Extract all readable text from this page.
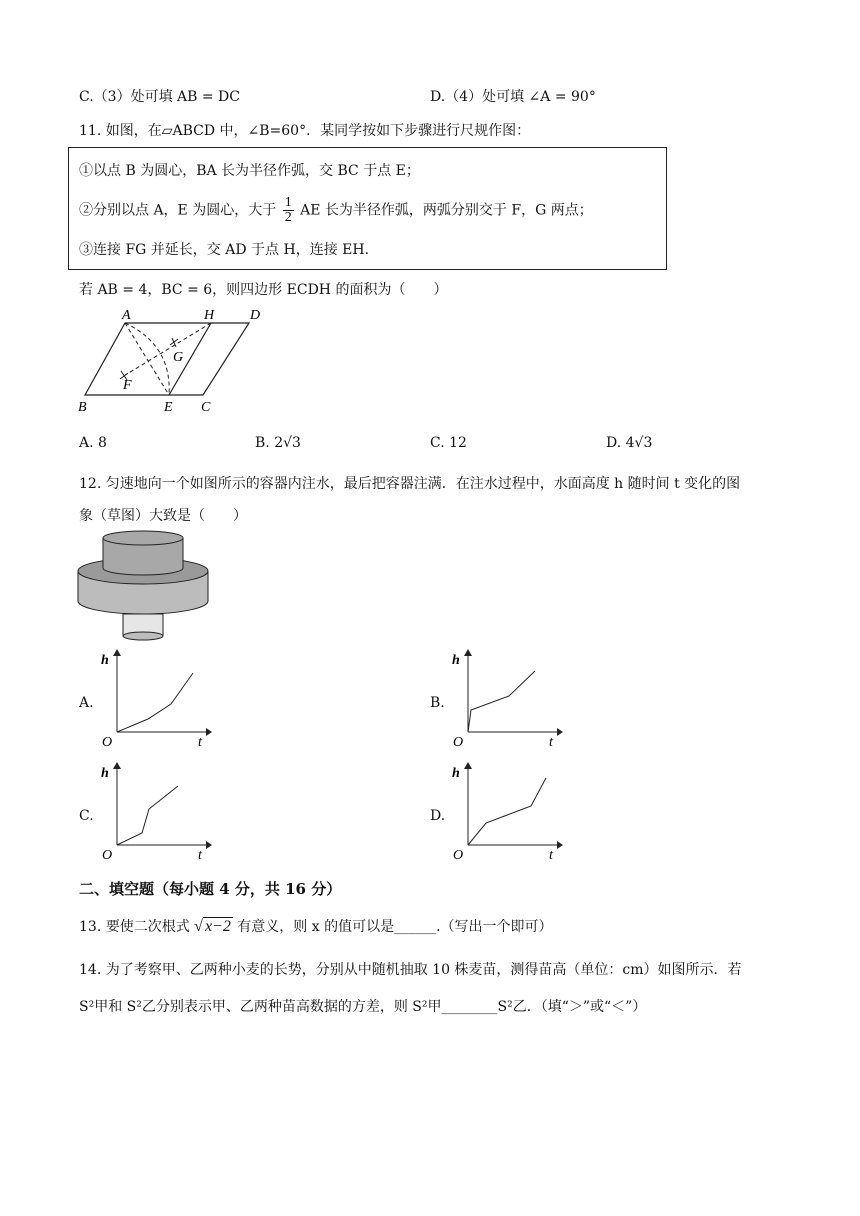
C.（3）处可填 AB = DC	D.（4）处可填 ∠A = 90°
11. 如图，在▱ABCD 中，∠B=60°．某同学按如下步骤进行尺规作图：
①以点 B 为圆心，BA 长为半径作弧，交 BC 于点 E；
②分别以点 A，E 为圆心，大于 $\frac{1}{2}$ AE 长为半径作弧，两弧分别交于 F，G 两点；
③连接 FG 并延长，交 AD 于点 H，连接 EH．
若 AB = 4，BC = 6，则四边形 ECDH 的面积为（　　）
A	H	D
G
F
B	E C
A. 8	B. 2√3	C. 12	D. 4√3
12. 匀速地向一个如图所示的容器内注水，最后把容器注满．在注水过程中，水面高度 h 随时间 t 变化的图
象（草图）大致是（　　）
A.	B.
C.	D.
h
t
O
h
t
O
h
t
O
h
t
O
二、填空题（每小题 4 分，共 16 分）
13. 要使二次根式 √ x−2 有意义，则 x 的值可以是______.（写出一个即可）
14. 为了考察甲、乙两种小麦的长势，分别从中随机抽取 10 株麦苗，测得苗高（单位：cm）如图所示．若
S²甲和 S²乙分别表示甲、乙两种苗高数据的方差，则 S²甲________S²乙．（填“＞”或“＜”）
